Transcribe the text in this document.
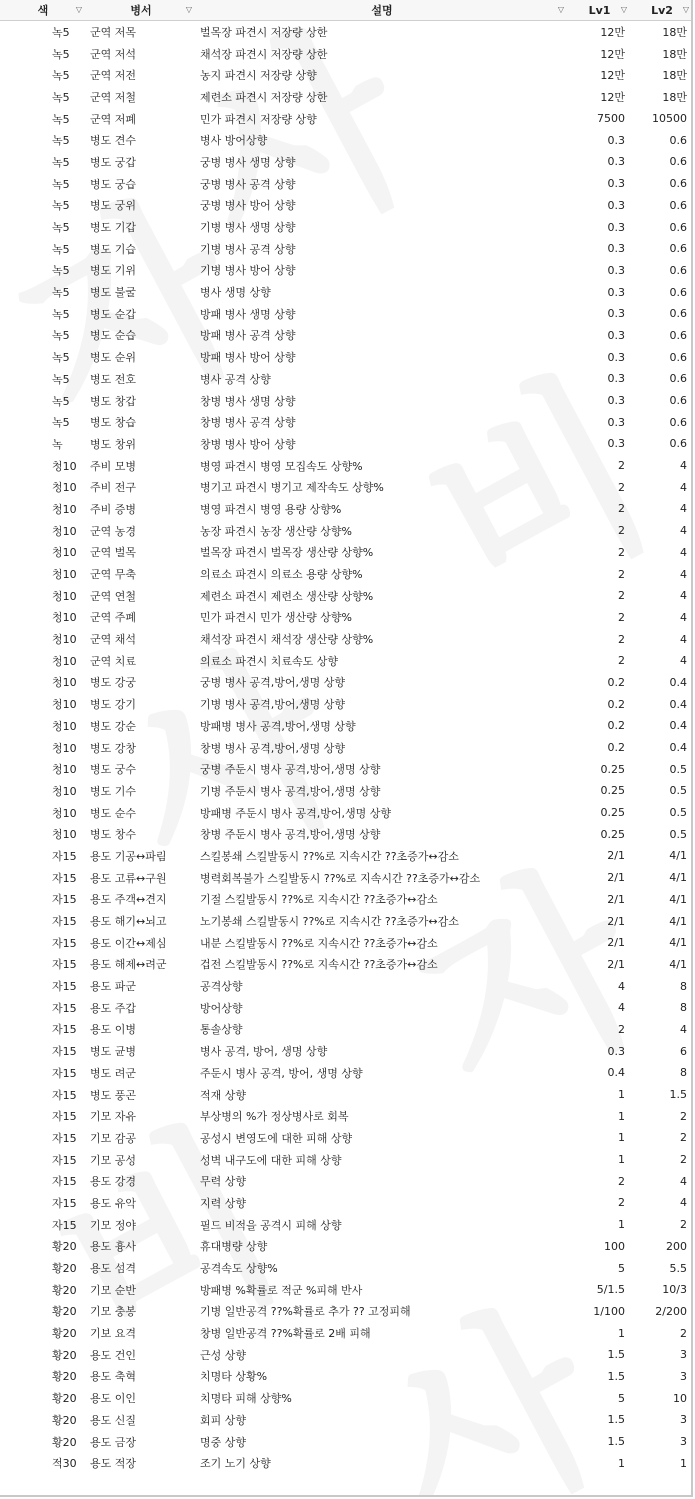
색 ▽	병서 ▽	설명 ▽	Lv1 ▽	Lv2 ▽

녹5	군역 저목	벌목장 파견시 저장량 상한	12만	18만
녹5	군역 저석	채석장 파견시 저장량 상한	12만	18만
녹5	군역 저전	농지 파견시 저장량 상향	12만	18만
녹5	군역 저철	제련소 파견시 저장량 상한	12만	18만
녹5	군역 저폐	민가 파견시 저장량 상향	7500	10500
녹5	병도 견수	병사 방어상향	0.3	0.6
녹5	병도 궁갑	궁병 병사 생명 상향	0.3	0.6
녹5	병도 궁습	궁병 병사 공격 상향	0.3	0.6
녹5	병도 궁위	궁병 병사 방어 상향	0.3	0.6
녹5	병도 기갑	기병 병사 생명 상향	0.3	0.6
녹5	병도 기습	기병 병사 공격 상향	0.3	0.6
녹5	병도 기위	기병 병사 방어 상향	0.3	0.6
녹5	병도 불굴	병사 생명 상향	0.3	0.6
녹5	병도 순갑	방패 병사 생명 상향	0.3	0.6
녹5	병도 순습	방패 병사 공격 상향	0.3	0.6
녹5	병도 순위	방패 병사 방어 상향	0.3	0.6
녹5	병도 전호	병사 공격 상향	0.3	0.6
녹5	병도 창갑	창병 병사 생명 상향	0.3	0.6
녹5	병도 창습	창병 병사 공격 상향	0.3	0.6
녹	병도 창위	창병 병사 방어 상향	0.3	0.6
청10	주비 모병	병영 파견시 병영 모집속도 상향%	2	4
청10	주비 전구	병기고 파견시 병기고 제작속도 상향%	2	4
청10	주비 증병	병영 파견시 병영 용량 상향%	2	4
청10	군역 농경	농장 파견시 농장 생산량 상향%	2	4
청10	군역 벌목	벌목장 파견시 벌목장 생산량 상향%	2	4
청10	군역 무축	의료소 파견시 의료소 용량 상향%	2	4
청10	군역 연철	제련소 파견시 제련소 생산량 상향%	2	4
청10	군역 주폐	민가 파견시 민가 생산량 상향%	2	4
청10	군역 채석	채석장 파견시 채석장 생산량 상향%	2	4
청10	군역 치료	의료소 파견시 치료속도 상향	2	4
청10	병도 강궁	궁병 병사 공격,방어,생명 상향	0.2	0.4
청10	병도 강기	기병 병사 공격,방어,생명 상향	0.2	0.4
청10	병도 강순	방패병 병사 공격,방어,생명 상향	0.2	0.4
청10	병도 강창	창병 병사 공격,방어,생명 상향	0.2	0.4
청10	병도 궁수	궁병 주둔시 병사 공격,방어,생명 상향	0.25	0.5
청10	병도 기수	기병 주둔시 병사 공격,방어,생명 상향	0.25	0.5
청10	병도 순수	방패병 주둔시 병사 공격,방어,생명 상향	0.25	0.5
청10	병도 창수	창병 주둔시 병사 공격,방어,생명 상향	0.25	0.5
자15	용도 기공↔파림	스킬봉쇄 스킬발동시 ??%로 지속시간 ??초증가↔감소	2/1	4/1
자15	용도 고류↔구원	병력회복불가 스킬발동시 ??%로 지속시간 ??초증가↔감소	2/1	4/1
자15	용도 주객↔견지	기절 스킬발동시 ??%로 지속시간 ??초증가↔감소	2/1	4/1
자15	용도 해기↔뇌고	노기봉쇄 스킬발동시 ??%로 지속시간 ??초증가↔감소	2/1	4/1
자15	용도 이간↔제심	내분 스킬발동시 ??%로 지속시간 ??초증가↔감소	2/1	4/1
자15	용도 해제↔려군	겁전 스킬발동시 ??%로 지속시간 ??초증가↔감소	2/1	4/1
자15	용도 파군	공격상향	4	8
자15	용도 주갑	방어상향	4	8
자15	용도 이병	통솔상향	2	4
자15	병도 균병	병사 공격, 방어, 생명 상향	0.3	6
자15	병도 려군	주둔시 병사 공격, 방어, 생명 상향	0.4	8
자15	병도 풍곤	적재 상향	1	1.5
자15	기모 자유	부상병의 %가 정상병사로 회복	1	2
자15	기모 감공	공성시 변영도에 대한 피해 상향	1	2
자15	기모 공성	성벽 내구도에 대한 피해 상향	1	2
자15	용도 강경	무력 상향	2	4
자15	용도 유악	지력 상향	2	4
자15	기모 정야	필드 비적을 공격시 피해 상향	1	2
황20	용도 흉사	휴대병량 상향	100	200
황20	용도 섬격	공격속도 상향%	5	5.5
황20	기모 순반	방패병 %확률로 적군 %피해 반사	5/1.5	10/3
황20	기모 충봉	기병 일반공격 ??%확률로 추가 ?? 고정피해	1/100	2/200
황20	기보 요격	창병 일반공격 ??%확률로 2배 피해	1	2
황20	용도 건인	근성 상향	1.5	3
황20	용도 축혁	치명타 상황%	1.5	3
황20	용도 이인	치명타 피해 상향%	5	10
황20	용도 신질	회피 상향	1.5	3
황20	용도 금장	명중 상향	1.5	3
적30	용도 적장	조기 노기 상향	1	1
